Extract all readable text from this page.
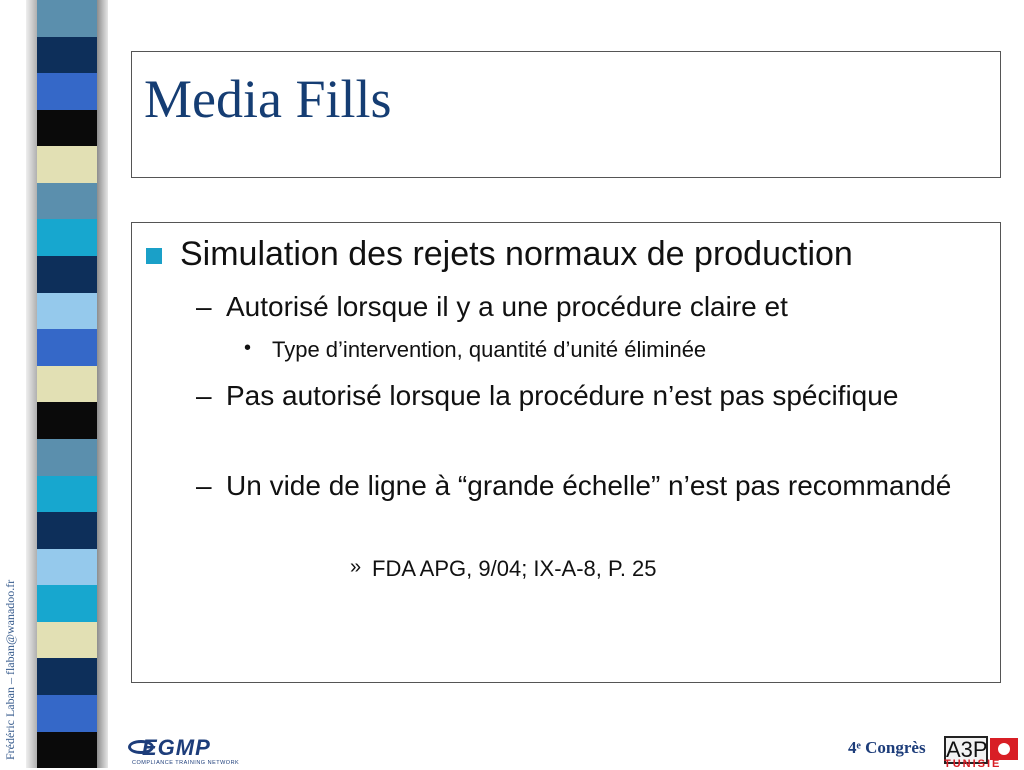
Frédéric Laban – flaban@wanadoo.fr
Media Fills
Simulation des rejets normaux de production
– Autorisé lorsque il y a une procédure claire et
• Type d’intervention, quantité d’unité éliminée
– Pas autorisé lorsque la procédure n’est pas spécifique
– Un vide de ligne à “grande échelle” n’est pas recommandé
» FDA APG, 9/04; IX-A-8, P. 25
EGMP
COMPLIANCE TRAINING NETWORK
4ᵉ Congrès A3P
TUNISIE
